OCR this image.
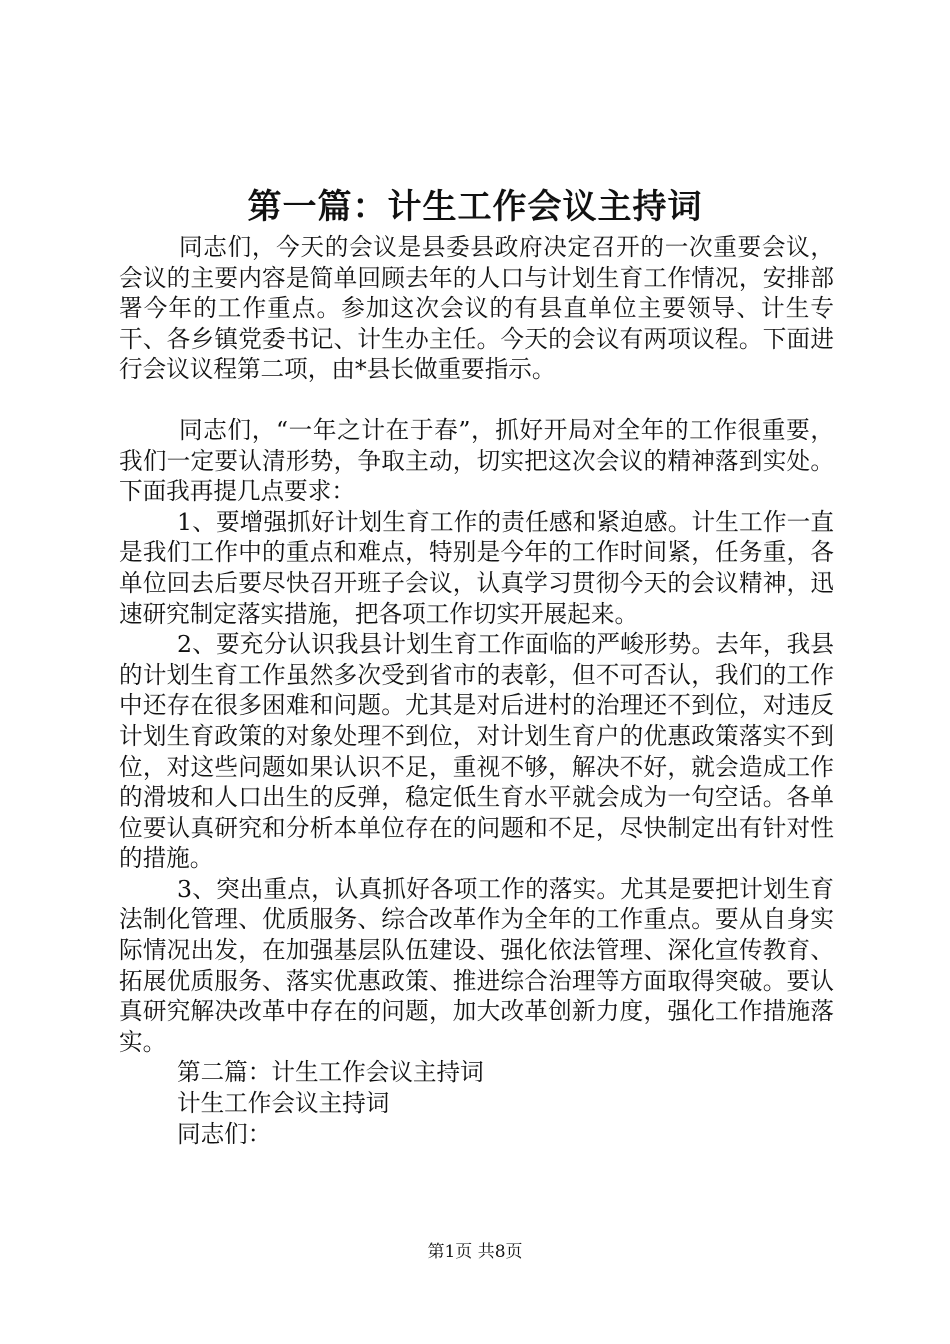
第一篇：计生工作会议主持词

同志们，今天的会议是县委县政府决定召开的一次重要会议，会议的主要内容是简单回顾去年的人口与计划生育工作情况，安排部署今年的工作重点。参加这次会议的有县直单位主要领导、计生专干、各乡镇党委书记、计生办主任。今天的会议有两项议程。下面进行会议议程第二项，由*县长做重要指示。

同志们，“一年之计在于春”，抓好开局对全年的工作很重要，我们一定要认清形势，争取主动，切实把这次会议的精神落到实处。下面我再提几点要求：

1、要增强抓好计划生育工作的责任感和紧迫感。计生工作一直是我们工作中的重点和难点，特别是今年的工作时间紧，任务重，各单位回去后要尽快召开班子会议，认真学习贯彻今天的会议精神，迅速研究制定落实措施，把各项工作切实开展起来。

2、要充分认识我县计划生育工作面临的严峻形势。去年，我县的计划生育工作虽然多次受到省市的表彰，但不可否认，我们的工作中还存在很多困难和问题。尤其是对后进村的治理还不到位，对违反计划生育政策的对象处理不到位，对计划生育户的优惠政策落实不到位，对这些问题如果认识不足，重视不够，解决不好，就会造成工作的滑坡和人口出生的反弹，稳定低生育水平就会成为一句空话。各单位要认真研究和分析本单位存在的问题和不足，尽快制定出有针对性的措施。

3、突出重点，认真抓好各项工作的落实。尤其是要把计划生育法制化管理、优质服务、综合改革作为全年的工作重点。要从自身实际情况出发，在加强基层队伍建设、强化依法管理、深化宣传教育、拓展优质服务、落实优惠政策、推进综合治理等方面取得突破。要认真研究解决改革中存在的问题，加大改革创新力度，强化工作措施落实。

第二篇：计生工作会议主持词

计生工作会议主持词

同志们：

第1页 共8页
